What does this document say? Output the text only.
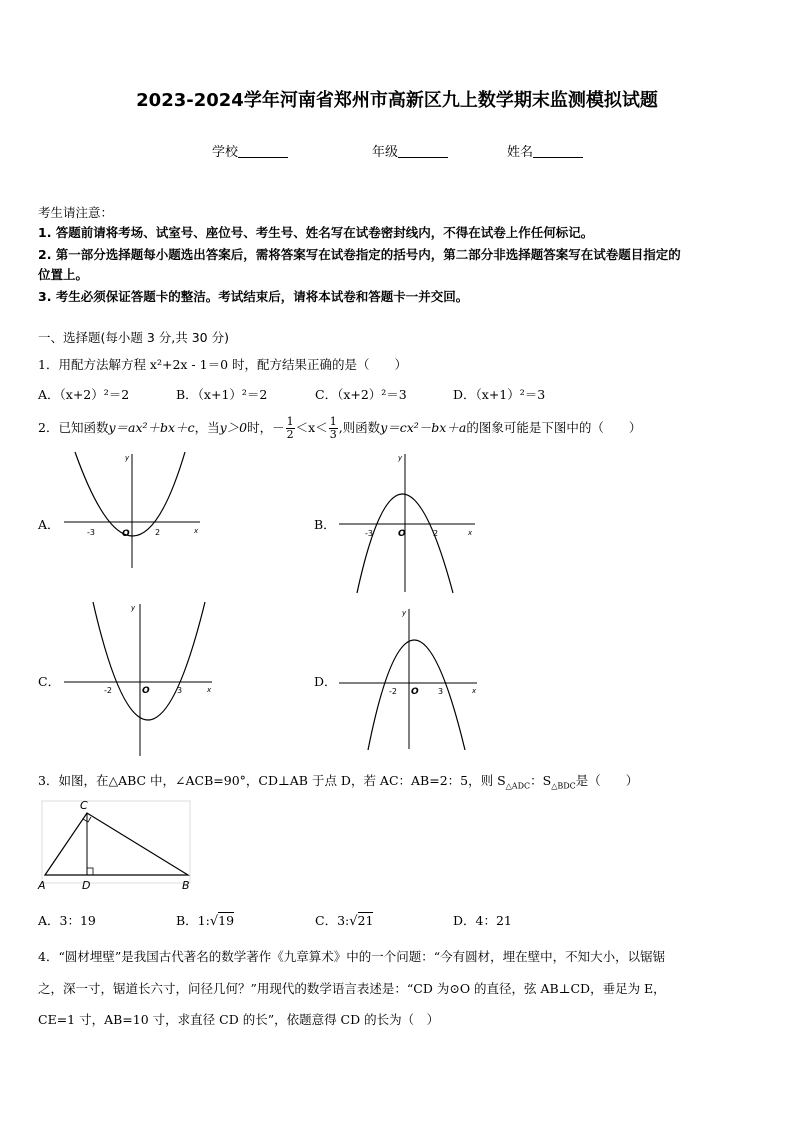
2023-2024学年河南省郑州市高新区九上数学期末监测模拟试题
学校	年级	姓名
考生请注意：
1. 答题前请将考场、试室号、座位号、考生号、姓名写在试卷密封线内，不得在试卷上作任何标记。
2. 第一部分选择题每小题选出答案后，需将答案写在试卷指定的括号内，第二部分非选择题答案写在试卷题目指定的
位置上。
3. 考生必须保证答题卡的整洁。考试结束后，请将本试卷和答题卡一并交回。
一、选择题(每小题 3 分,共 30 分)
1．用配方法解方程 x²+2x - 1＝0 时，配方结果正确的是（　　）
A．（x+2）²＝2	B．（x+1）²＝2	C．（x+2）²＝3	D．（x+1）²＝3
2．已知函数y＝ax²＋bx＋c，当y＞0时，－ $\frac{1}{2} <x< \frac{1}{3}$ ,则函数y＝cx²－bx＋a的图象可能是下图中的（　　）
A．	B．
C．	D．
-3	2
O	x
y
-3	2
O	x
y
-2	3
O	x
y
-2	3
O	x
y
3．如图，在△ABC 中，∠ACB=90°，CD⊥AB 于点 D，若 AC：AB=2：5，则 $S_{\triangle ADC}$：$S_{\triangle BDC}$是（　　）
C
A	D	B
A．3：19	B．1:√19	C．3:√21	D．4：21
4．“圆材埋壁”是我国古代著名的数学著作《九章算术》中的一个问题：“今有圆材，埋在壁中，不知大小，以锯锯
之，深一寸，锯道长六寸，问径几何？”用现代的数学语言表述是：“CD 为⊙O 的直径，弦 AB⊥CD，垂足为 E，
CE=1 寸，AB=10 寸，求直径 CD 的长”，依题意得 CD 的长为（　）
